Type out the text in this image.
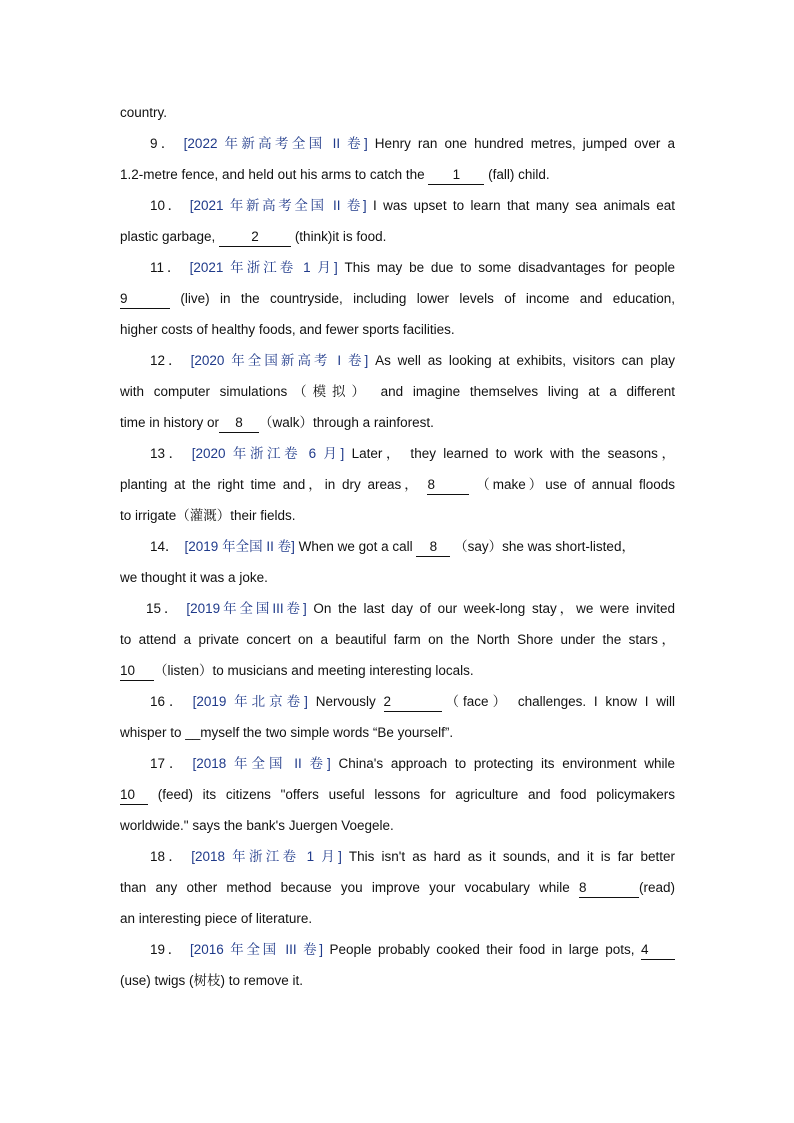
country.
9． [2022 年新高考全国 II 卷] Henry ran one hundred metres, jumped over a
1.2-metre fence, and held out his arms to catch the 1 (fall) child.
10． [2021 年新高考全国 II 卷] I was upset to learn that many sea animals eat
plastic garbage, 2 (think)it is food.
11． [2021 年浙江卷 1 月] This may be due to some disadvantages for people
9	(live) in the countryside, including lower levels of income and education,
higher costs of healthy foods, and fewer sports facilities.
12． [2020 年全国新高考 I 卷] As well as looking at exhibits, visitors can play
with computer simulations（模拟） and imagine themselves living at a different
time in history or 8 （walk）through a rainforest.
13． [2020 年浙江卷 6 月] Later， they learned to work with the seasons，
planting at the right time and，in dry areas， 8	（make）use of annual floods
to irrigate（灌溉）their fields.
14． [2019 年全国 II 卷] When we got a call 8 （say）she was short-listed，
we thought it was a joke.
15． [2019年全国III卷] On the last day of our week-long stay，we were invited
to attend a private concert on a beautiful farm on the North Shore under the stars，
10 （listen）to musicians and meeting interesting locals.
16． [2019 年北京卷] Nervously 2	（face） challenges. I know I will
whisper to __myself the two simple words “Be yourself”.
17． [2018 年全国 II 卷] China's approach to protecting its environment while
10 (feed) its citizens "offers useful lessons for agriculture and food policymakers
worldwide." says the bank's Juergen Voegele.
18． [2018 年浙江卷 1 月] This isn't as hard as it sounds, and it is far better
than any other method because you improve your vocabulary while 8	(read)
an interesting piece of literature.
19． [2016 年全国 III 卷] People probably cooked their food in large pots, 4
(use) twigs (树枝) to remove it.
